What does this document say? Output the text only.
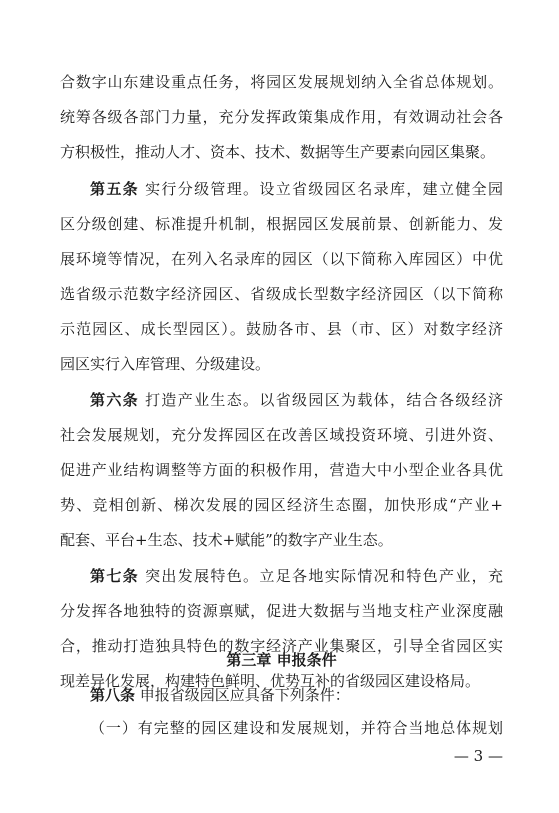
合数字山东建设重点任务，将园区发展规划纳入全省总体规划。
统筹各级各部门力量，充分发挥政策集成作用，有效调动社会各
方积极性，推动人才、资本、技术、数据等生产要素向园区集聚。
第五条 实行分级管理。设立省级园区名录库，建立健全园
区分级创建、标准提升机制，根据园区发展前景、创新能力、发
展环境等情况，在列入名录库的园区（以下简称入库园区）中优
选省级示范数字经济园区、省级成长型数字经济园区（以下简称
示范园区、成长型园区）。鼓励各市、县（市、区）对数字经济
园区实行入库管理、分级建设。
第六条 打造产业生态。以省级园区为载体，结合各级经济
社会发展规划，充分发挥园区在改善区域投资环境、引进外资、
促进产业结构调整等方面的积极作用，营造大中小型企业各具优
势、竞相创新、梯次发展的园区经济生态圈，加快形成“产业+
配套、平台+生态、技术+赋能”的数字产业生态。
第七条 突出发展特色。立足各地实际情况和特色产业，充
分发挥各地独特的资源禀赋，促进大数据与当地支柱产业深度融
合，推动打造独具特色的数字经济产业集聚区，引导全省园区实
现差异化发展，构建特色鲜明、优势互补的省级园区建设格局。
第三章 申报条件
第八条 申报省级园区应具备下列条件：
（一）有完整的园区建设和发展规划，并符合当地总体规划
— 3 —
